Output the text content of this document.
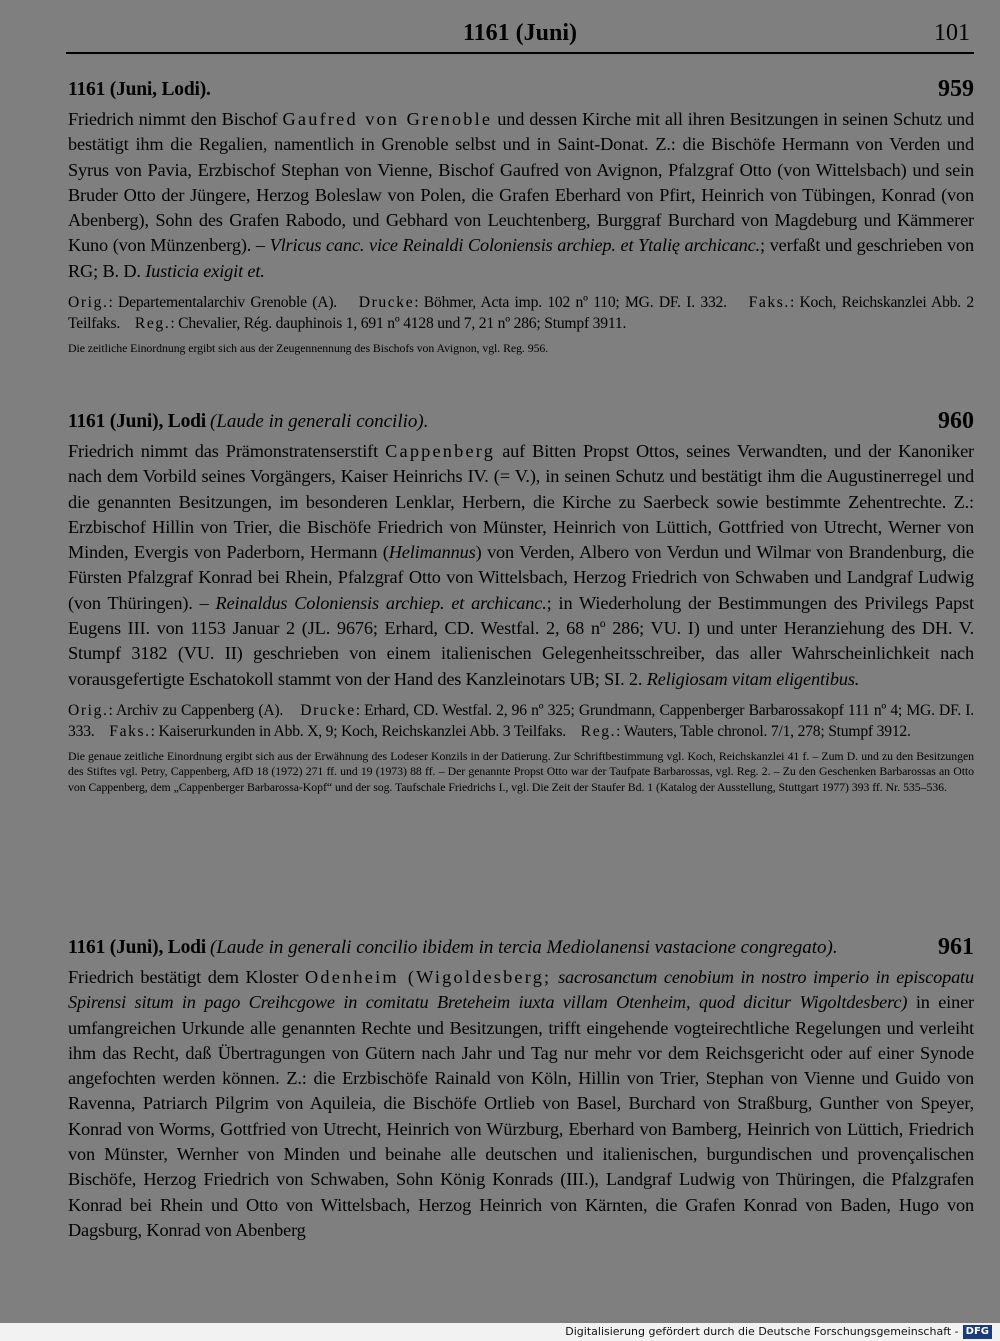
1161 (Juni)	101
1161 (Juni, Lodi).	959

Friedrich nimmt den Bischof Gaufred von Grenoble und dessen Kirche mit all ihren Besitzungen in seinen Schutz und bestätigt ihm die Regalien, namentlich in Grenoble selbst und in Saint-Donat. Z.: die Bischöfe Hermann von Verden und Syrus von Pavia, Erzbischof Stephan von Vienne, Bischof Gaufred von Avignon, Pfalzgraf Otto (von Wittelsbach) und sein Bruder Otto der Jüngere, Herzog Boleslaw von Polen, die Grafen Eberhard von Pfirt, Heinrich von Tübingen, Konrad (von Abenberg), Sohn des Grafen Rabodo, und Gebhard von Leuchtenberg, Burggraf Burchard von Magdeburg und Kämmerer Kuno (von Münzenberg). – Vlricus canc. vice Reinaldi Coloniensis archiep. et Ytalię archicanc.; verfaßt und geschrieben von RG; B. D. Iusticia exigit et.

Orig.: Departementalarchiv Grenoble (A). Drucke: Böhmer, Acta imp. 102 nº 110; MG. DF. I. 332. Faks.: Koch, Reichskanzlei Abb. 2 Teilfaks. Reg.: Chevalier, Rég. dauphinois 1, 691 nº 4128 und 7, 21 nº 286; Stumpf 3911.

Die zeitliche Einordnung ergibt sich aus der Zeugennennung des Bischofs von Avignon, vgl. Reg. 956.

1161 (Juni), Lodi (Laude in generali concilio).	960

Friedrich nimmt das Prämonstratenserstift Cappenberg auf Bitten Propst Ottos, seines Verwandten, und der Kanoniker nach dem Vorbild seines Vorgängers, Kaiser Heinrichs IV. (= V.), in seinen Schutz und bestätigt ihm die Augustinerregel und die genannten Besitzungen, im besonderen Lenklar, Herbern, die Kirche zu Saerbeck sowie bestimmte Zehentrechte. Z.: Erzbischof Hillin von Trier, die Bischöfe Friedrich von Münster, Heinrich von Lüttich, Gottfried von Utrecht, Werner von Minden, Evergis von Paderborn, Hermann (Helimannus) von Verden, Albero von Verdun und Wilmar von Brandenburg, die Fürsten Pfalzgraf Konrad bei Rhein, Pfalzgraf Otto von Wittelsbach, Herzog Friedrich von Schwaben und Landgraf Ludwig (von Thüringen). – Reinaldus Coloniensis archiep. et archicanc.; in Wiederholung der Bestimmungen des Privilegs Papst Eugens III. von 1153 Januar 2 (JL. 9676; Erhard, CD. Westfal. 2, 68 nº 286; VU. I) und unter Heranziehung des DH. V. Stumpf 3182 (VU. II) geschrieben von einem italienischen Gelegenheitsschreiber, das aller Wahrscheinlichkeit nach vorausgefertigte Eschatokoll stammt von der Hand des Kanzleinotars UB; SI. 2. Religiosam vitam eligentibus.

Orig.: Archiv zu Cappenberg (A). Drucke: Erhard, CD. Westfal. 2, 96 nº 325; Grundmann, Cappenberger Barbarossakopf 111 nº 4; MG. DF. I. 333. Faks.: Kaiserurkunden in Abb. X, 9; Koch, Reichskanzlei Abb. 3 Teilfaks. Reg.: Wauters, Table chronol. 7/1, 278; Stumpf 3912.

Die genaue zeitliche Einordnung ergibt sich aus der Erwähnung des Lodeser Konzils in der Datierung. Zur Schriftbestimmung vgl. Koch, Reichskanzlei 41 f. – Zum D. und zu den Besitzungen des Stiftes vgl. Petry, Cappenberg, AfD 18 (1972) 271 ff. und 19 (1973) 88 ff. – Der genannte Propst Otto war der Taufpate Barbarossas, vgl. Reg. 2. – Zu den Geschenken Barbarossas an Otto von Cappenberg, dem „Cappenberger Barbarossa-Kopf“ und der sog. Taufschale Friedrichs I., vgl. Die Zeit der Staufer Bd. 1 (Katalog der Ausstellung, Stuttgart 1977) 393 ff. Nr. 535–536.

1161 (Juni), Lodi (Laude in generali concilio ibidem in tercia Mediolanensi vastacione congregato).	961

Friedrich bestätigt dem Kloster Odenheim (Wigoldesberg; sacrosanctum cenobium in nostro imperio in episcopatu Spirensi situm in pago Creihcgowe in comitatu Breteheim iuxta villam Otenheim, quod dicitur Wigoltdesberc) in einer umfangreichen Urkunde alle genannten Rechte und Besitzungen, trifft eingehende vogteirechtliche Regelungen und verleiht ihm das Recht, daß Übertragungen von Gütern nach Jahr und Tag nur mehr vor dem Reichsgericht oder auf einer Synode angefochten werden können. Z.: die Erzbischöfe Rainald von Köln, Hillin von Trier, Stephan von Vienne und Guido von Ravenna, Patriarch Pilgrim von Aquileia, die Bischöfe Ortlieb von Basel, Burchard von Straßburg, Gunther von Speyer, Konrad von Worms, Gottfried von Utrecht, Heinrich von Würzburg, Eberhard von Bamberg, Heinrich von Lüttich, Friedrich von Münster, Wernher von Minden und beinahe alle deutschen und italienischen, burgundischen und provençalischen Bischöfe, Herzog Friedrich von Schwaben, Sohn König Konrads (III.), Landgraf Ludwig von Thüringen, die Pfalzgrafen Konrad bei Rhein und Otto von Wittelsbach, Herzog Heinrich von Kärnten, die Grafen Konrad von Baden, Hugo von Dagsburg, Konrad von Abenberg

Digitalisierung gefördert durch die Deutsche Forschungsgemeinschaft - DFG
